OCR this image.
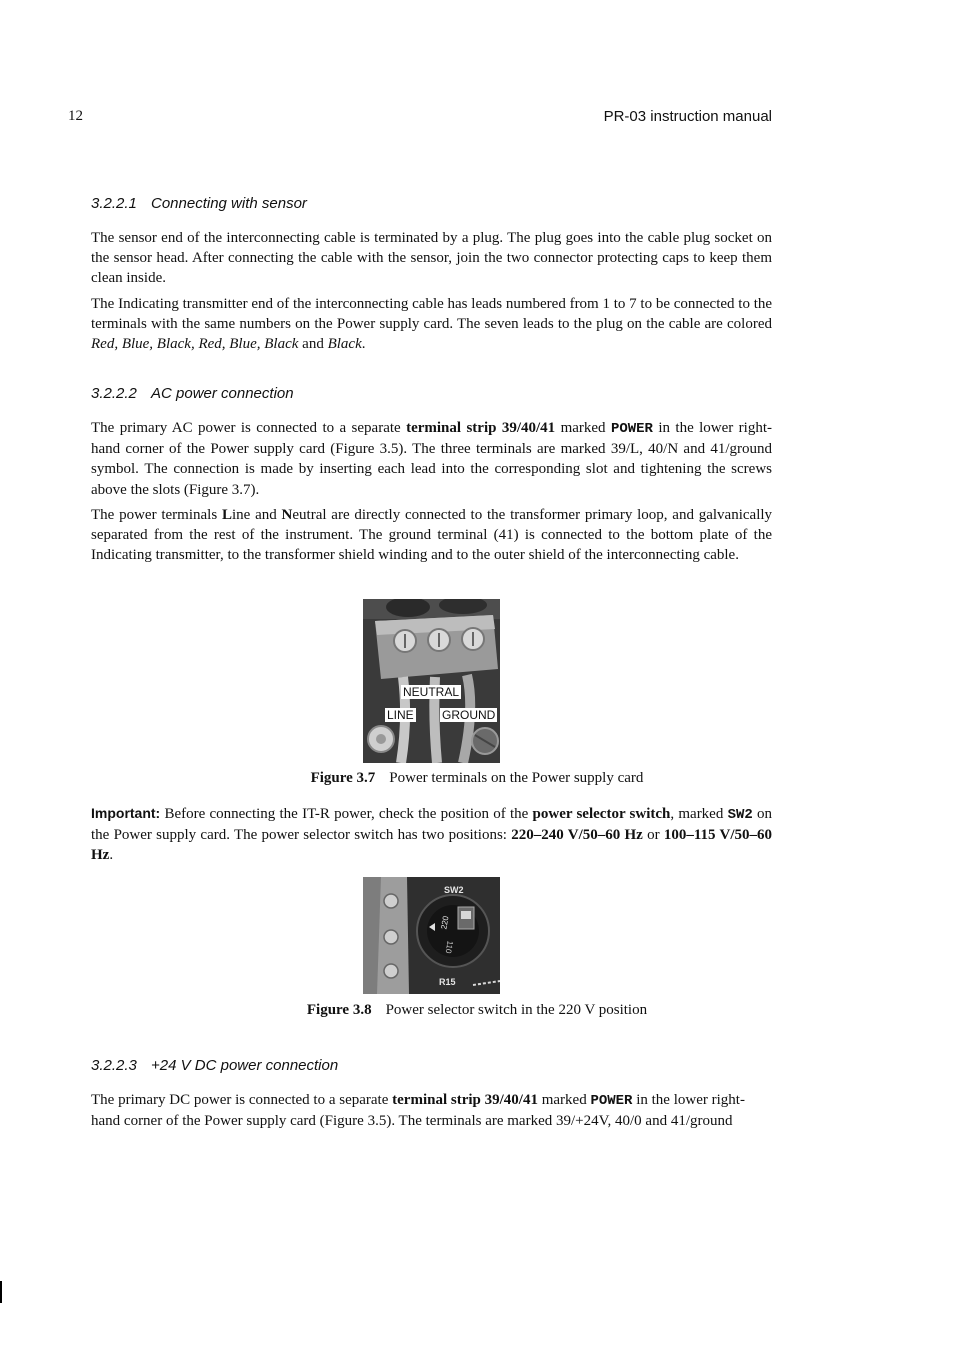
12	PR-03 instruction manual
3.2.2.1 Connecting with sensor
The sensor end of the interconnecting cable is terminated by a plug. The plug goes into the cable plug socket on the sensor head. After connecting the cable with the sensor, join the two connector protecting caps to keep them clean inside.
The Indicating transmitter end of the interconnecting cable has leads numbered from 1 to 7 to be connected to the terminals with the same numbers on the Power supply card. The seven leads to the plug on the cable are colored Red, Blue, Black, Red, Blue, Black and Black.
3.2.2.2 AC power connection
The primary AC power is connected to a separate terminal strip 39/40/41 marked POWER in the lower right-hand corner of the Power supply card (Figure 3.5). The three terminals are marked 39/L, 40/N and 41/ground symbol. The connection is made by inserting each lead into the corresponding slot and tightening the screws above the slots (Figure 3.7).
The power terminals Line and Neutral are directly connected to the transformer primary loop, and galvanically separated from the rest of the instrument. The ground terminal (41) is connected to the bottom plate of the Indicating transmitter, to the transformer shield winding and to the outer shield of the interconnecting cable.
NEUTRAL
LINE GROUND
Figure 3.7 Power terminals on the Power supply card
Important: Before connecting the IT-R power, check the position of the power selector switch, marked SW2 on the Power supply card. The power selector switch has two positions: 220–240 V/50–60 Hz or 100–115 V/50–60 Hz.
SW2
220
110
R15
Figure 3.8 Power selector switch in the 220 V position
3.2.2.3 +24 V DC power connection
The primary DC power is connected to a separate terminal strip 39/40/41 marked POWER in the lower right-hand corner of the Power supply card (Figure 3.5). The terminals are marked 39/+24V, 40/0 and 41/ground
